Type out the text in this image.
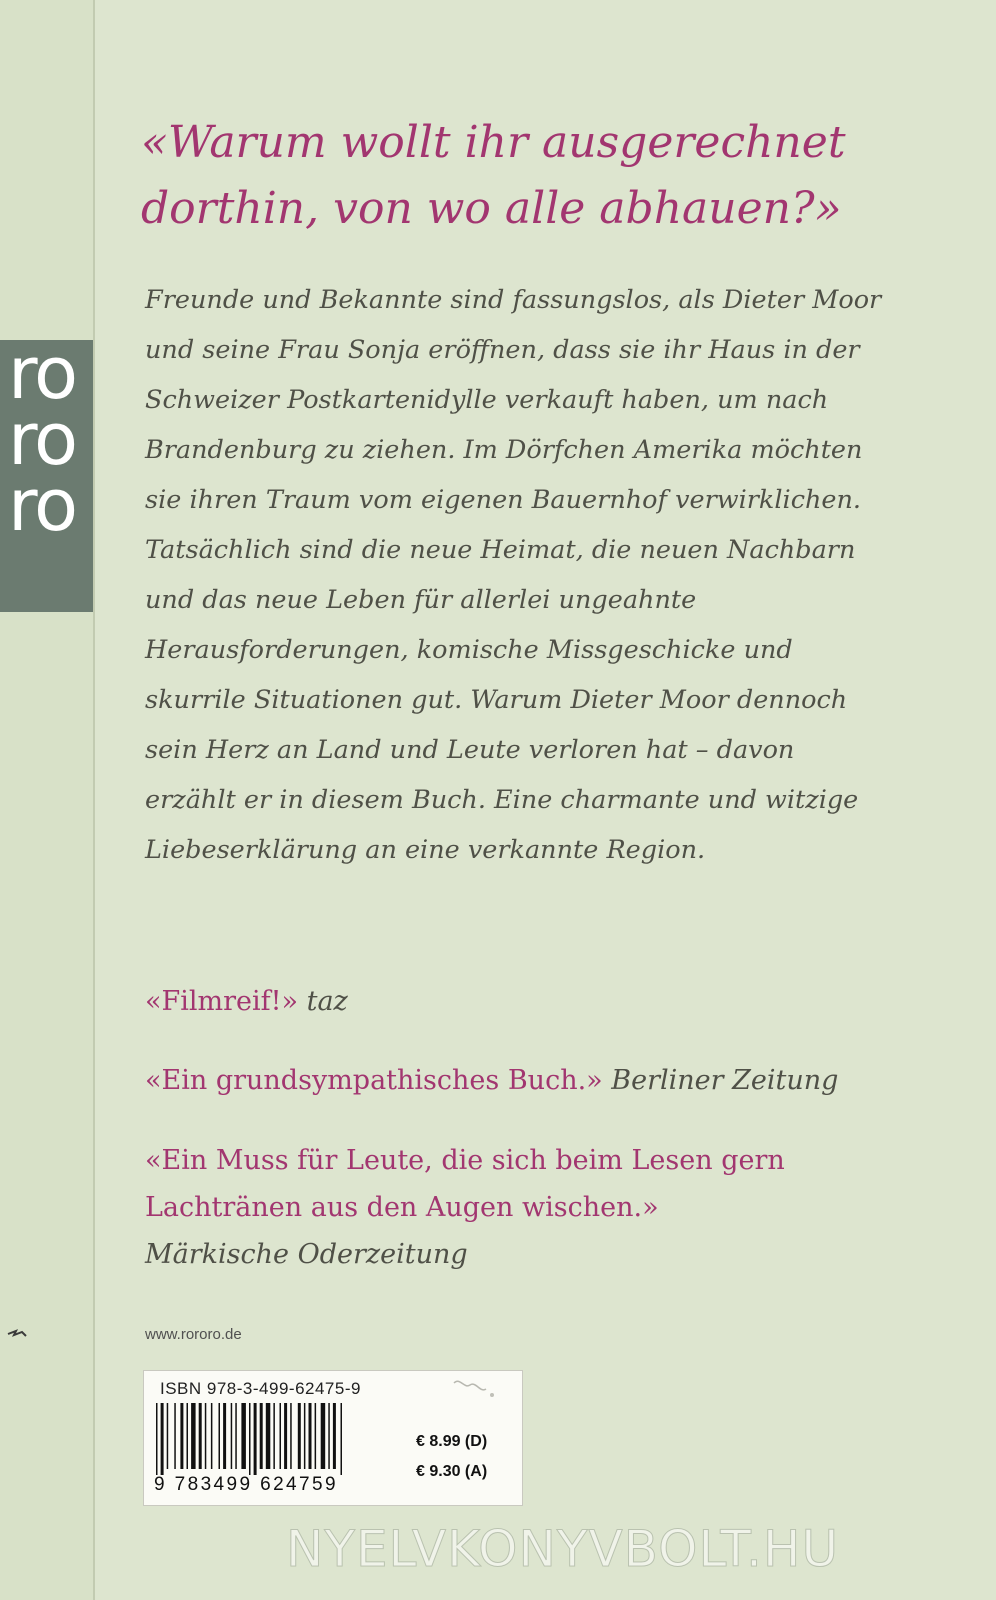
ro
ro
ro

«Warum wollt ihr ausgerechnet dorthin, von wo alle abhauen?»

Freunde und Bekannte sind fassungslos, als Dieter Moor und seine Frau Sonja eröffnen, dass sie ihr Haus in der Schweizer Postkartenidylle verkauft haben, um nach Brandenburg zu ziehen. Im Dörfchen Amerika möchten sie ihren Traum vom eigenen Bauernhof verwirklichen. Tatsächlich sind die neue Heimat, die neuen Nachbarn und das neue Leben für allerlei ungeahnte Herausforderungen, komische Missgeschicke und skurrile Situationen gut. Warum Dieter Moor dennoch sein Herz an Land und Leute verloren hat – davon erzählt er in diesem Buch. Eine charmante und witzige Liebeserklärung an eine verkannte Region.

«Filmreif!» taz

«Ein grundsympathisches Buch.» Berliner Zeitung

«Ein Muss für Leute, die sich beim Lesen gern Lachtränen aus den Augen wischen.»
Märkische Oderzeitung

www.rororo.de
ISBN 978-3-499-62475-9
9 783499 624759
€ 8.99 (D)
€ 9.30 (A)
NYELVKONYVBOLT.HU
